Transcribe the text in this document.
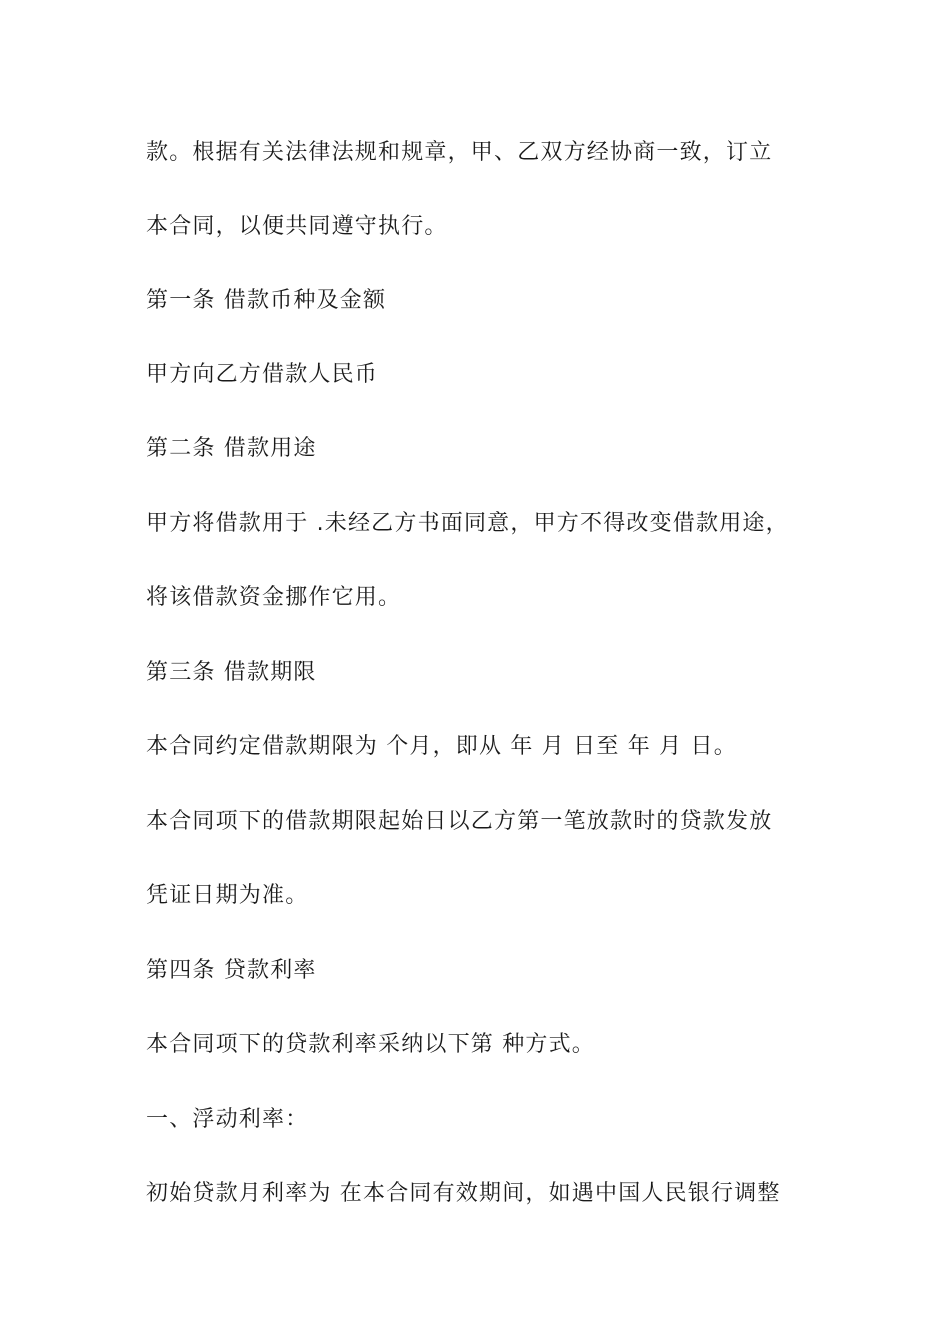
款。根据有关法律法规和规章，甲、乙双方经协商一致，订立
本合同，以便共同遵守执行。
第一条 借款币种及金额
甲方向乙方借款人民币
第二条 借款用途
甲方将借款用于 .未经乙方书面同意，甲方不得改变借款用途，
将该借款资金挪作它用。
第三条 借款期限
本合同约定借款期限为 个月，即从 年 月 日至 年 月 日。
本合同项下的借款期限起始日以乙方第一笔放款时的贷款发放
凭证日期为准。
第四条 贷款利率
本合同项下的贷款利率采纳以下第 种方式。
一、浮动利率：
初始贷款月利率为 在本合同有效期间，如遇中国人民银行调整
